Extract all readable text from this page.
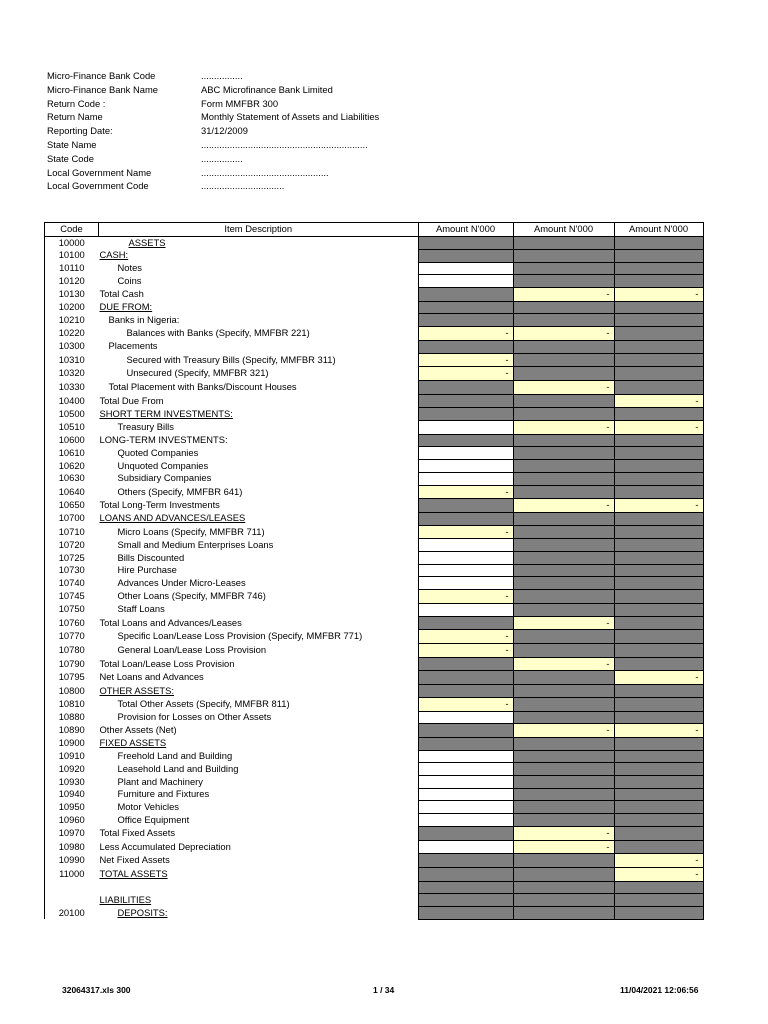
Micro-Finance Bank Code	................
Micro-Finance Bank Name	ABC Microfinance Bank Limited
Return Code :	Form MMFBR 300
Return Name	Monthly Statement of Assets and Liabilities
Reporting Date:	31/12/2009
State Name	................................................................
State Code	................
Local Government Name	.................................................
Local Government Code	................................
Code	Item Description	Amount N'000	Amount N'000	Amount N'000
10000	ASSETS			
10100	CASH:			
10110	Notes			
10120	Coins			
10130	Total Cash		-	-
10200	DUE FROM:			
10210	Banks in Nigeria:			
10220	Balances with Banks (Specify, MMFBR 221)	-	-	
10300	Placements			
10310	Secured with Treasury Bills (Specify, MMFBR 311)	-		
10320	Unsecured (Specify, MMFBR 321)	-		
10330	Total Placement with Banks/Discount Houses		-	
10400	Total Due From			-
10500	SHORT TERM INVESTMENTS:			
10510	Treasury Bills		-	-
10600	LONG-TERM INVESTMENTS:			
10610	Quoted Companies			
10620	Unquoted Companies			
10630	Subsidiary Companies			
10640	Others (Specify, MMFBR 641)	-		
10650	Total Long-Term Investments		-	-
10700	LOANS AND ADVANCES/LEASES			
10710	Micro Loans (Specify, MMFBR 711)	-		
10720	Small and Medium Enterprises Loans			
10725	Bills Discounted			
10730	Hire Purchase			
10740	Advances Under Micro-Leases			
10745	Other Loans (Specify, MMFBR 746)	-		
10750	Staff Loans			
10760	Total Loans and Advances/Leases		-	
10770	Specific Loan/Lease Loss Provision (Specify, MMFBR 771)	-		
10780	General Loan/Lease Loss Provision	-		
10790	Total Loan/Lease Loss Provision		-	
10795	Net Loans and Advances			-
10800	OTHER ASSETS:			
10810	Total Other Assets (Specify, MMFBR 811)	-		
10880	Provision for Losses on Other Assets			
10890	Other Assets (Net)		-	-
10900	FIXED ASSETS			
10910	Freehold Land and Building			
10920	Leasehold Land and Building			
10930	Plant and Machinery			
10940	Furniture and Fixtures			
10950	Motor Vehicles			
10960	Office Equipment			
10970	Total Fixed Assets		-	
10980	Less Accumulated Depreciation		-	
10990	Net Fixed Assets			-
11000	TOTAL ASSETS			-

	LIABILITIES			
20100	DEPOSITS:			
32064317.xls 300	1 / 34	11/04/2021 12:06:56
